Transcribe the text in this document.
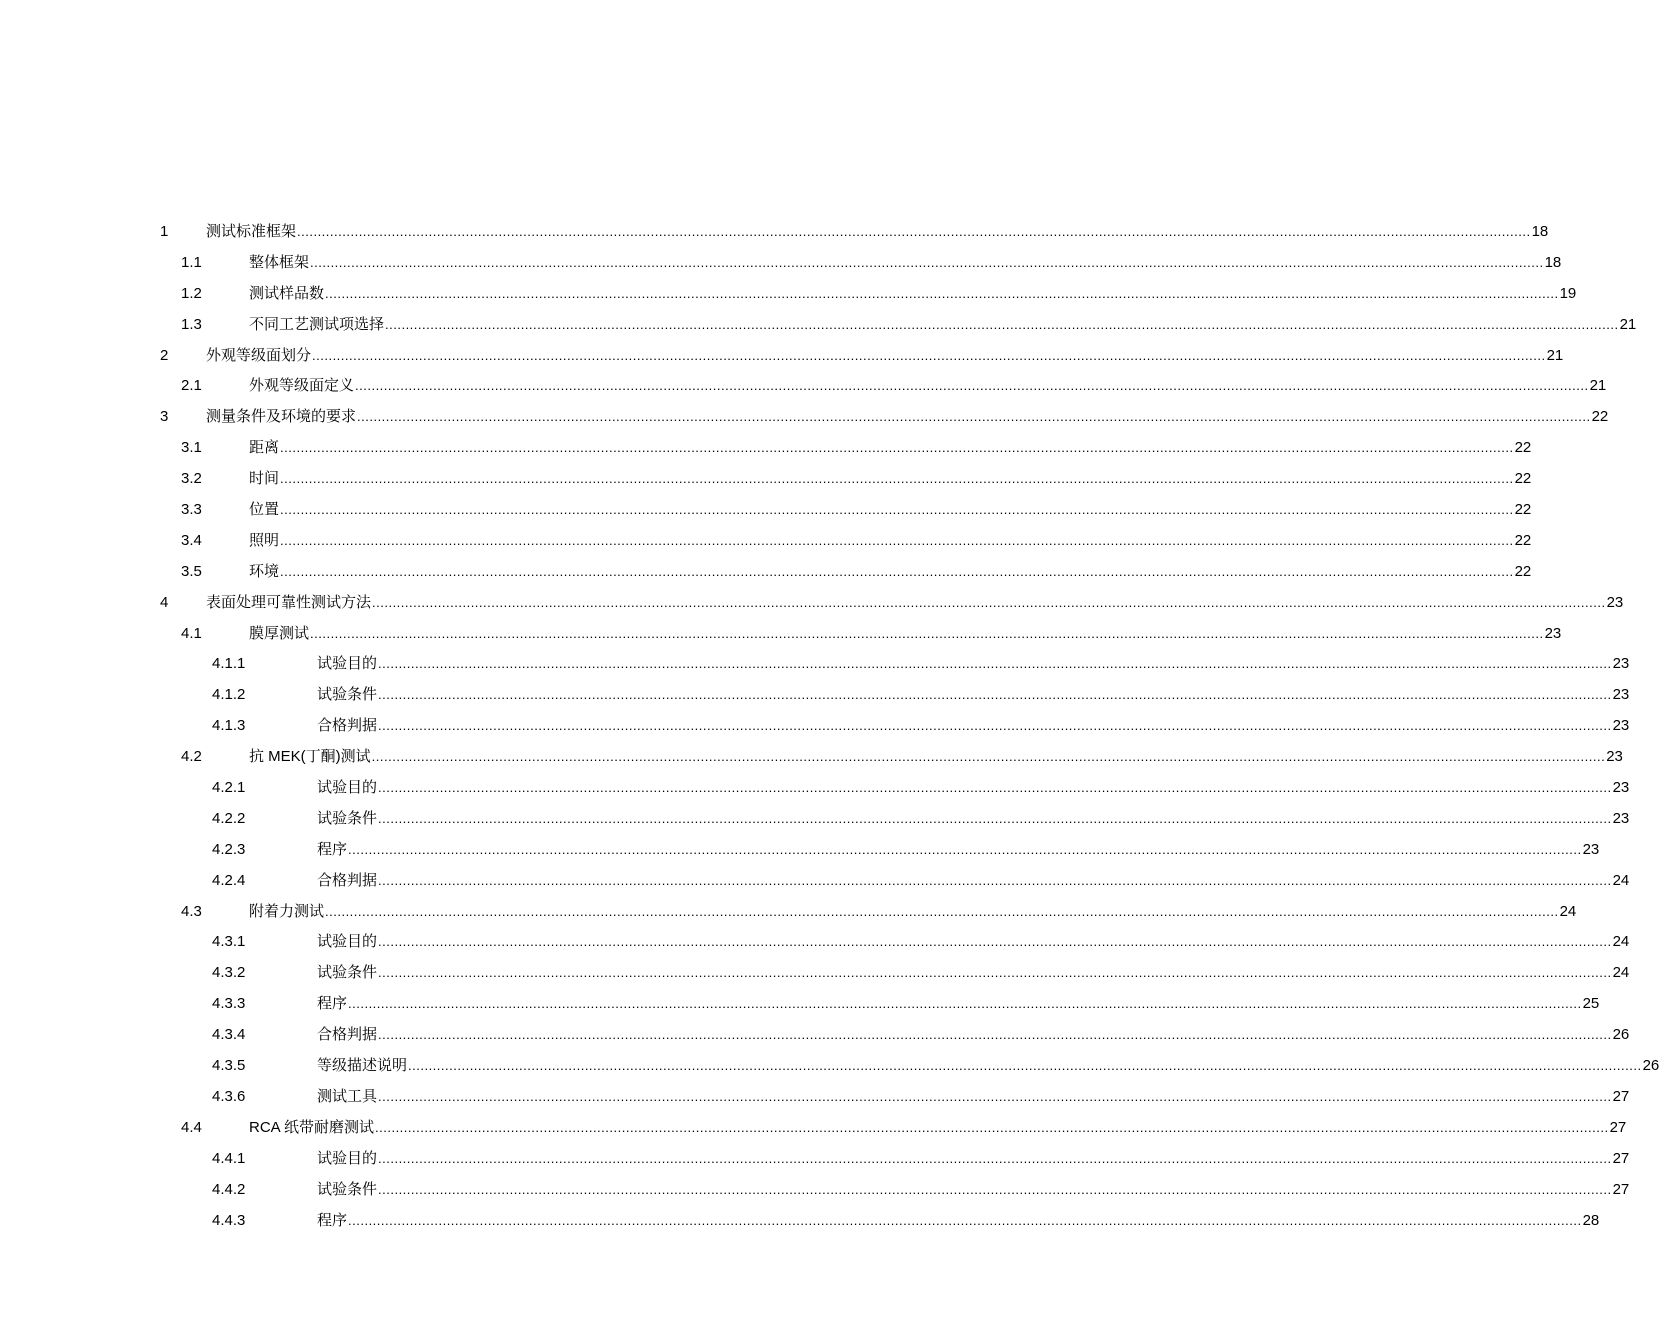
1	测试标准框架 ............................................................................................................................................................................................................................................................................................................ 18
1.1	整体框架 ............................................................................................................................................................................................................................................................................................................ 18
1.2	测试样品数 ............................................................................................................................................................................................................................................................................................................ 19
1.3	不同工艺测试项选择 ............................................................................................................................................................................................................................................................................................................ 21
2	外观等级面划分 ............................................................................................................................................................................................................................................................................................................ 21
2.1	外观等级面定义 ............................................................................................................................................................................................................................................................................................................ 21
3	测量条件及环境的要求 ............................................................................................................................................................................................................................................................................................................ 22
3.1	距离 ............................................................................................................................................................................................................................................................................................................ 22
3.2	时间 ............................................................................................................................................................................................................................................................................................................ 22
3.3	位置 ............................................................................................................................................................................................................................................................................................................ 22
3.4	照明 ............................................................................................................................................................................................................................................................................................................ 22
3.5	环境 ............................................................................................................................................................................................................................................................................................................ 22
4	表面处理可靠性测试方法 ............................................................................................................................................................................................................................................................................................................ 23
4.1	膜厚测试 ............................................................................................................................................................................................................................................................................................................ 23
4.1.1	试验目的 ............................................................................................................................................................................................................................................................................................................ 23
4.1.2	试验条件 ............................................................................................................................................................................................................................................................................................................ 23
4.1.3	合格判据 ............................................................................................................................................................................................................................................................................................................ 23
4.2	抗 MEK(丁酮)测试 ............................................................................................................................................................................................................................................................................................................ 23
4.2.1	试验目的 ............................................................................................................................................................................................................................................................................................................ 23
4.2.2	试验条件 ............................................................................................................................................................................................................................................................................................................ 23
4.2.3	程序 ............................................................................................................................................................................................................................................................................................................ 23
4.2.4	合格判据 ............................................................................................................................................................................................................................................................................................................ 24
4.3	附着力测试 ............................................................................................................................................................................................................................................................................................................ 24
4.3.1	试验目的 ............................................................................................................................................................................................................................................................................................................ 24
4.3.2	试验条件 ............................................................................................................................................................................................................................................................................................................ 24
4.3.3	程序 ............................................................................................................................................................................................................................................................................................................ 25
4.3.4	合格判据 ............................................................................................................................................................................................................................................................................................................ 26
4.3.5	等级描述说明 ............................................................................................................................................................................................................................................................................................................ 26
4.3.6	测试工具 ............................................................................................................................................................................................................................................................................................................ 27
4.4	RCA 纸带耐磨测试 ............................................................................................................................................................................................................................................................................................................ 27
4.4.1	试验目的 ............................................................................................................................................................................................................................................................................................................ 27
4.4.2	试验条件 ............................................................................................................................................................................................................................................................................................................ 27
4.4.3	程序 ............................................................................................................................................................................................................................................................................................................ 28
